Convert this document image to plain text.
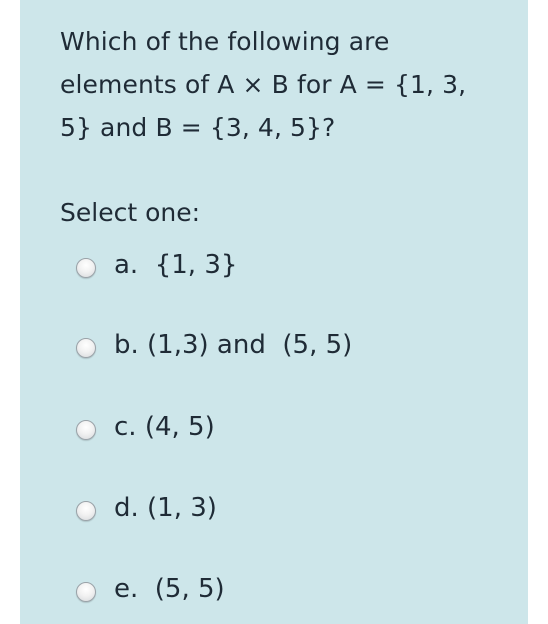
Which of the following are
elements of A × B for A = {1, 3,
5} and B = {3, 4, 5}?
Select one:
a.  {1, 3}
b. (1,3) and  (5, 5)
c. (4, 5)
d. (1, 3)
e.  (5, 5)
